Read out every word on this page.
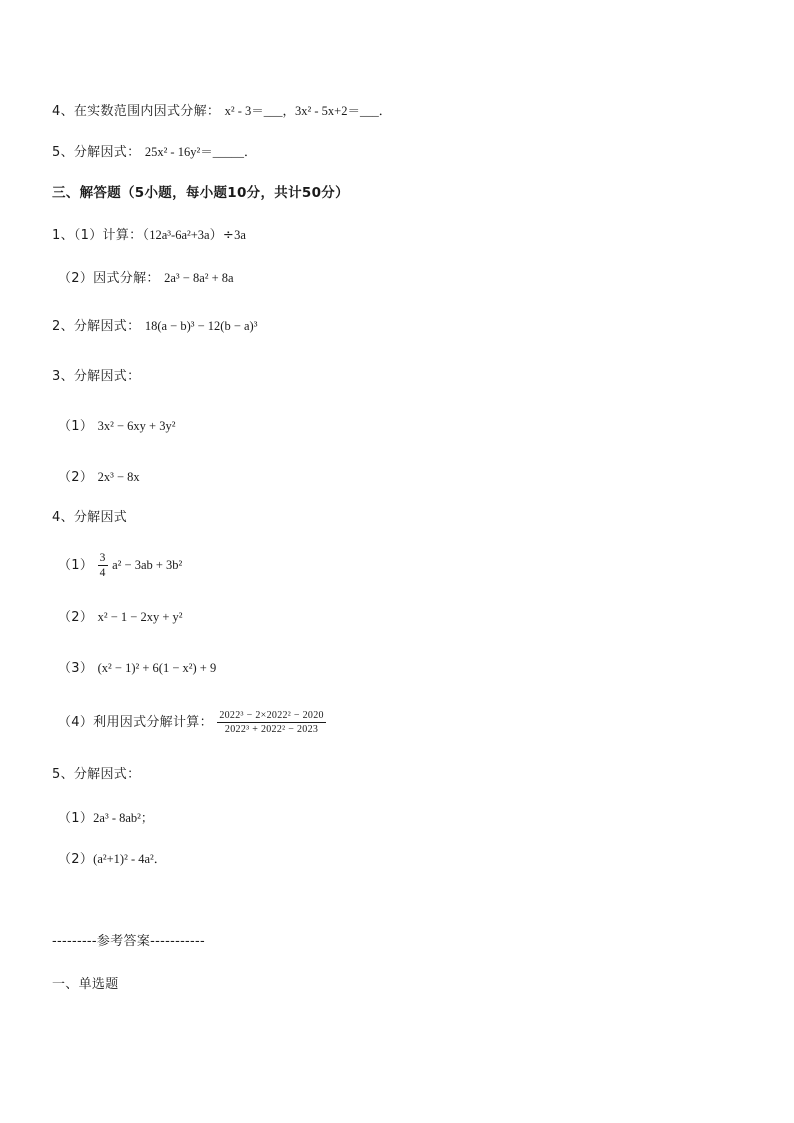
4、在实数范围内因式分解： x² - 3＝___，3x² - 5x+2＝___．
5、分解因式： 25x² - 16y²＝_____．
三、解答题（5小题，每小题10分，共计50分）
1、（1）计算：（12a³-6a²+3a）÷3a
（2）因式分解： 2a³ − 8a² + 8a
2、分解因式： 18(a − b)³ − 12(b − a)³
3、分解因式：
（1） 3x² − 6xy + 3y²
（2） 2x³ − 8x
4、分解因式
$(1) \frac{3}{4} a^2 - 3ab + 3b^2$
（2） x² − 1 − 2xy + y²
（3） (x² − 1)² + 6(1 − x²) + 9
（4）利用因式分解计算： $\frac{\text{2022³ − 2×2022² − 2020}}{\text{2022³ + 2022² − 2023}}$
5、分解因式：
（1）2a³ - 8ab²；
（2）(a²+1)² - 4a²．
---------参考答案-----------
一、单选题
